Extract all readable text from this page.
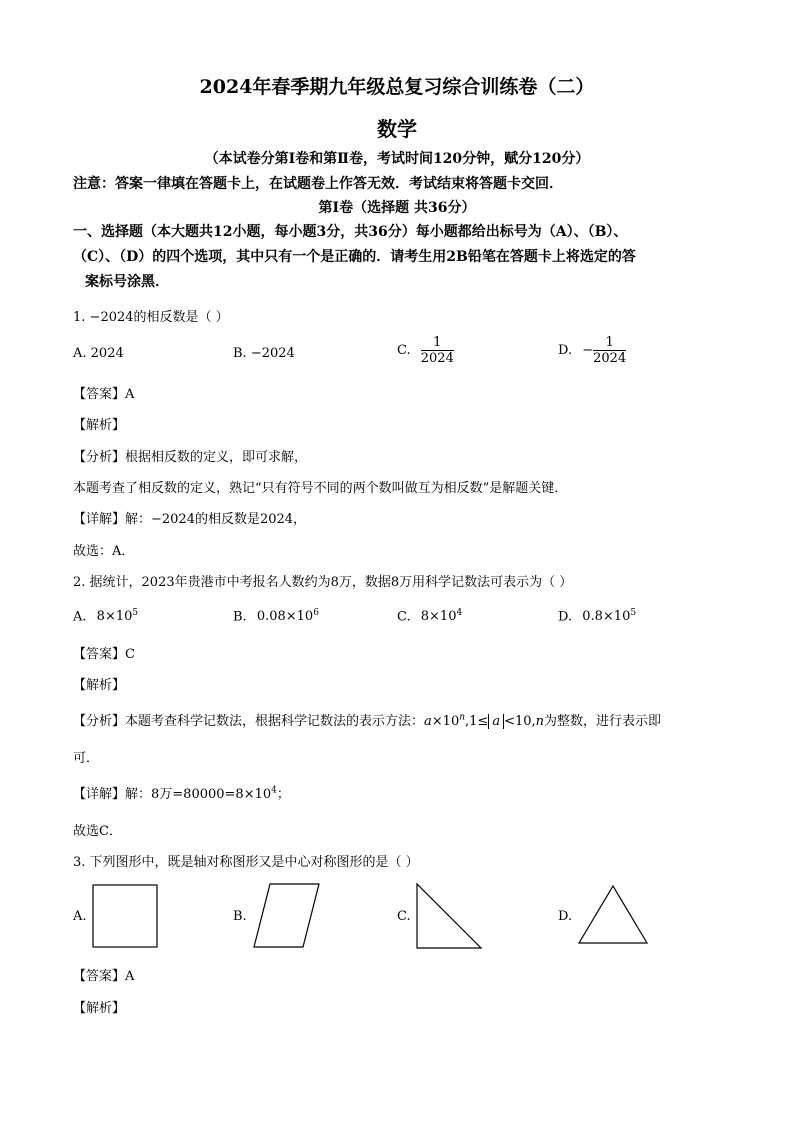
2024年春季期九年级总复习综合训练卷（二）
数学
（本试卷分第Ⅰ卷和第Ⅱ卷，考试时间120分钟，赋分120分）
注意：答案一律填在答题卡上，在试题卷上作答无效．考试结束将答题卡交回．
第Ⅰ卷（选择题 共36分）
一、选择题（本大题共12小题，每小题3分，共36分）每小题都给出标号为（A）、（B）、
（C）、（D）的四个选项，其中只有一个是正确的．请考生用2B铅笔在答题卡上将选定的答
案标号涂黑．
1. −2024的相反数是（ ）
A. 2024	B. −2024	C. $\frac{1}{2024}$	D. − $\frac{1}{2024}$
【答案】A
【解析】
【分析】根据相反数的定义，即可求解，
本题考查了相反数的定义，熟记“只有符号不同的两个数叫做互为相反数”是解题关键．
【详解】解：−2024的相反数是2024，
故选：A．
2. 据统计，2023年贵港市中考报名人数约为8万，数据8万用科学记数法可表示为（ ）
A. $8\times 10^5$	B. $0.08\times 10^6$	C. $8\times 10^4$	D. $0.8\times 10^5$
【答案】C
【解析】
【分析】本题考查科学记数法，根据科学记数法的表示方法：$a\times 10^n,1\le a <10,n$为整数，进行表示即
可．
【详解】解：8万$=80000=8\times 10^4$；
故选C．
3. 下列图形中，既是轴对称图形又是中心对称图形的是（ ）
A.	B.	C.	D.
【答案】A
【解析】
